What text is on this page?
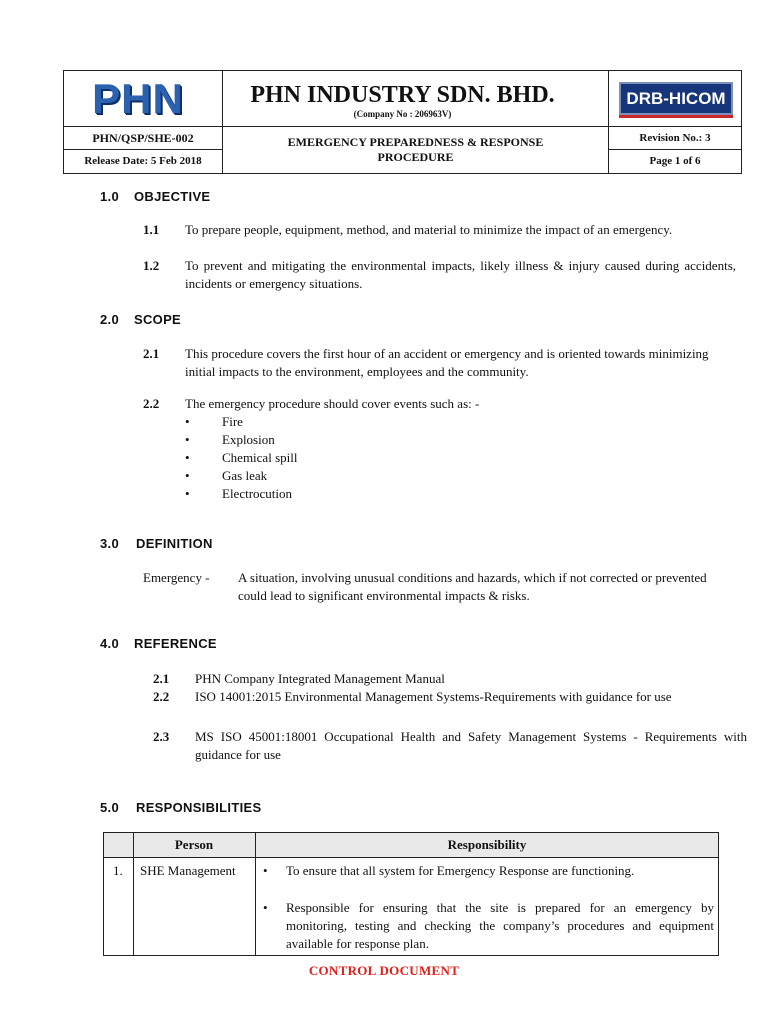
PHN	PHN INDUSTRY SDN. BHD.
(Company No : 206963V)
DRB-HICOM
PHN/QSP/SHE-002
Release Date: 5 Feb 2018
EMERGENCY PREPAREDNESS & RESPONSE
PROCEDURE
Revision No.: 3
Page 1 of 6
1.0 OBJECTIVE
1.1 To prepare people, equipment, method, and material to minimize the impact of an emergency.
1.2 To prevent and mitigating the environmental impacts, likely illness & injury caused during accidents, incidents or emergency situations.
2.0 SCOPE
2.1 This procedure covers the first hour of an accident or emergency and is oriented towards minimizing initial impacts to the environment, employees and the community.
2.2 The emergency procedure should cover events such as: -
• Fire
• Explosion
• Chemical spill
• Gas leak
• Electrocution
3.0 DEFINITION
Emergency - A situation, involving unusual conditions and hazards, which if not corrected or prevented could lead to significant environmental impacts & risks.
4.0 REFERENCE
2.1 PHN Company Integrated Management Manual
2.2 ISO 14001:2015 Environmental Management Systems-Requirements with guidance for use
2.3 MS ISO 45001:18001 Occupational Health and Safety Management Systems - Requirements with guidance for use
5.0 RESPONSIBILITIES
Person	Responsibility
1. SHE Management	• To ensure that all system for Emergency Response are functioning.
• Responsible for ensuring that the site is prepared for an emergency by monitoring, testing and checking the company’s procedures and equipment available for response plan.
CONTROL DOCUMENT
